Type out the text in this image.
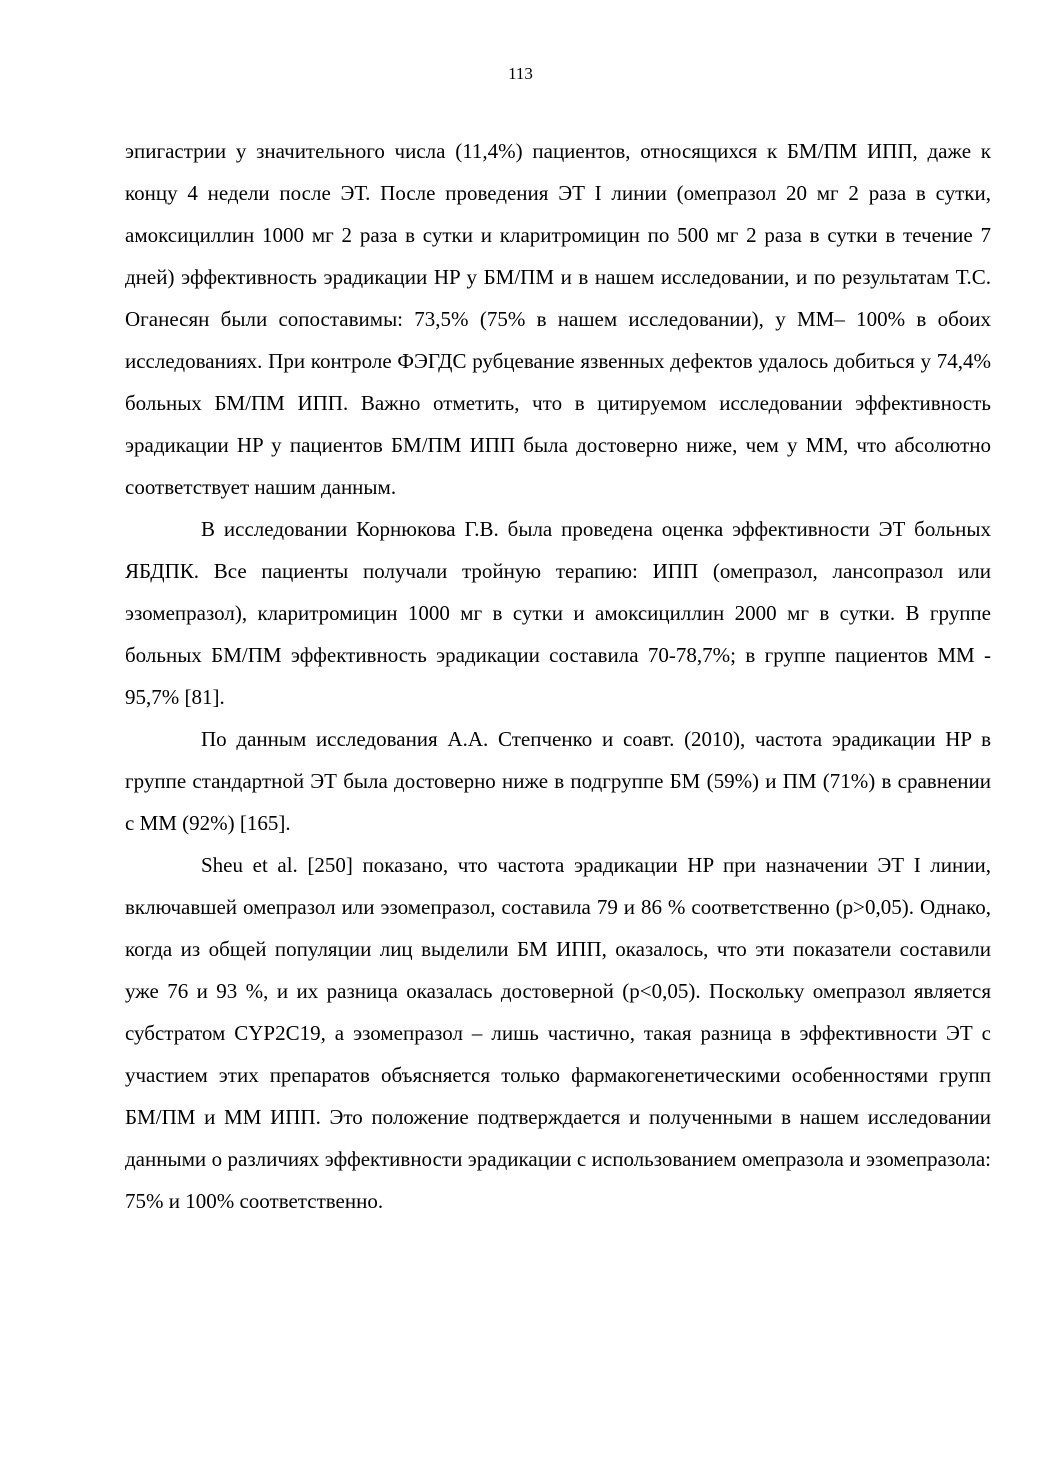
113

эпигастрии у значительного числа (11,4%) пациентов, относящихся к БМ/ПМ ИПП, даже к концу 4 недели после ЭТ. После проведения ЭТ I линии (омепразол 20 мг 2 раза в сутки, амоксициллин 1000 мг 2 раза в сутки и кларитромицин по 500 мг 2 раза в сутки в течение 7 дней) эффективность эрадикации HP у БМ/ПМ и в нашем исследовании, и по результатам Т.С. Оганесян были сопоставимы: 73,5% (75% в нашем исследовании), у ММ– 100% в обоих исследованиях. При контроле ФЭГДС рубцевание язвенных дефектов удалось добиться у 74,4% больных БМ/ПМ ИПП. Важно отметить, что в цитируемом исследовании эффективность эрадикации HP у пациентов БМ/ПМ ИПП была достоверно ниже, чем у ММ, что абсолютно соответствует нашим данным.

В исследовании Корнюкова Г.В. была проведена оценка эффективности ЭТ больных ЯБДПК. Все пациенты получали тройную терапию: ИПП (омепразол, лансопразол или эзомепразол), кларитромицин 1000 мг в сутки и амоксициллин 2000 мг в сутки. В группе больных БМ/ПМ эффективность эрадикации составила 70-78,7%; в группе пациентов ММ - 95,7% [81].

По данным исследования А.А. Степченко и соавт. (2010), частота эрадикации HP в группе стандартной ЭТ была достоверно ниже в подгруппе БМ (59%) и ПМ (71%) в сравнении с ММ (92%) [165].

Sheu et al. [250] показано, что частота эрадикации HP при назначении ЭТ I линии, включавшей омепразол или эзомепразол, составила 79 и 86 % соответственно (р>0,05). Однако, когда из общей популяции лиц выделили БМ ИПП, оказалось, что эти показатели составили уже 76 и 93 %, и их разница оказалась достоверной (р<0,05). Поскольку омепразол является субстратом CYP2C19, а эзомепразол – лишь частично, такая разница в эффективности ЭТ с участием этих препаратов объясняется только фармакогенетическими особенностями групп БМ/ПМ и ММ ИПП. Это положение подтверждается и полученными в нашем исследовании данными о различиях эффективности эрадикации с использованием омепразола и эзомепразола: 75% и 100% соответственно.
